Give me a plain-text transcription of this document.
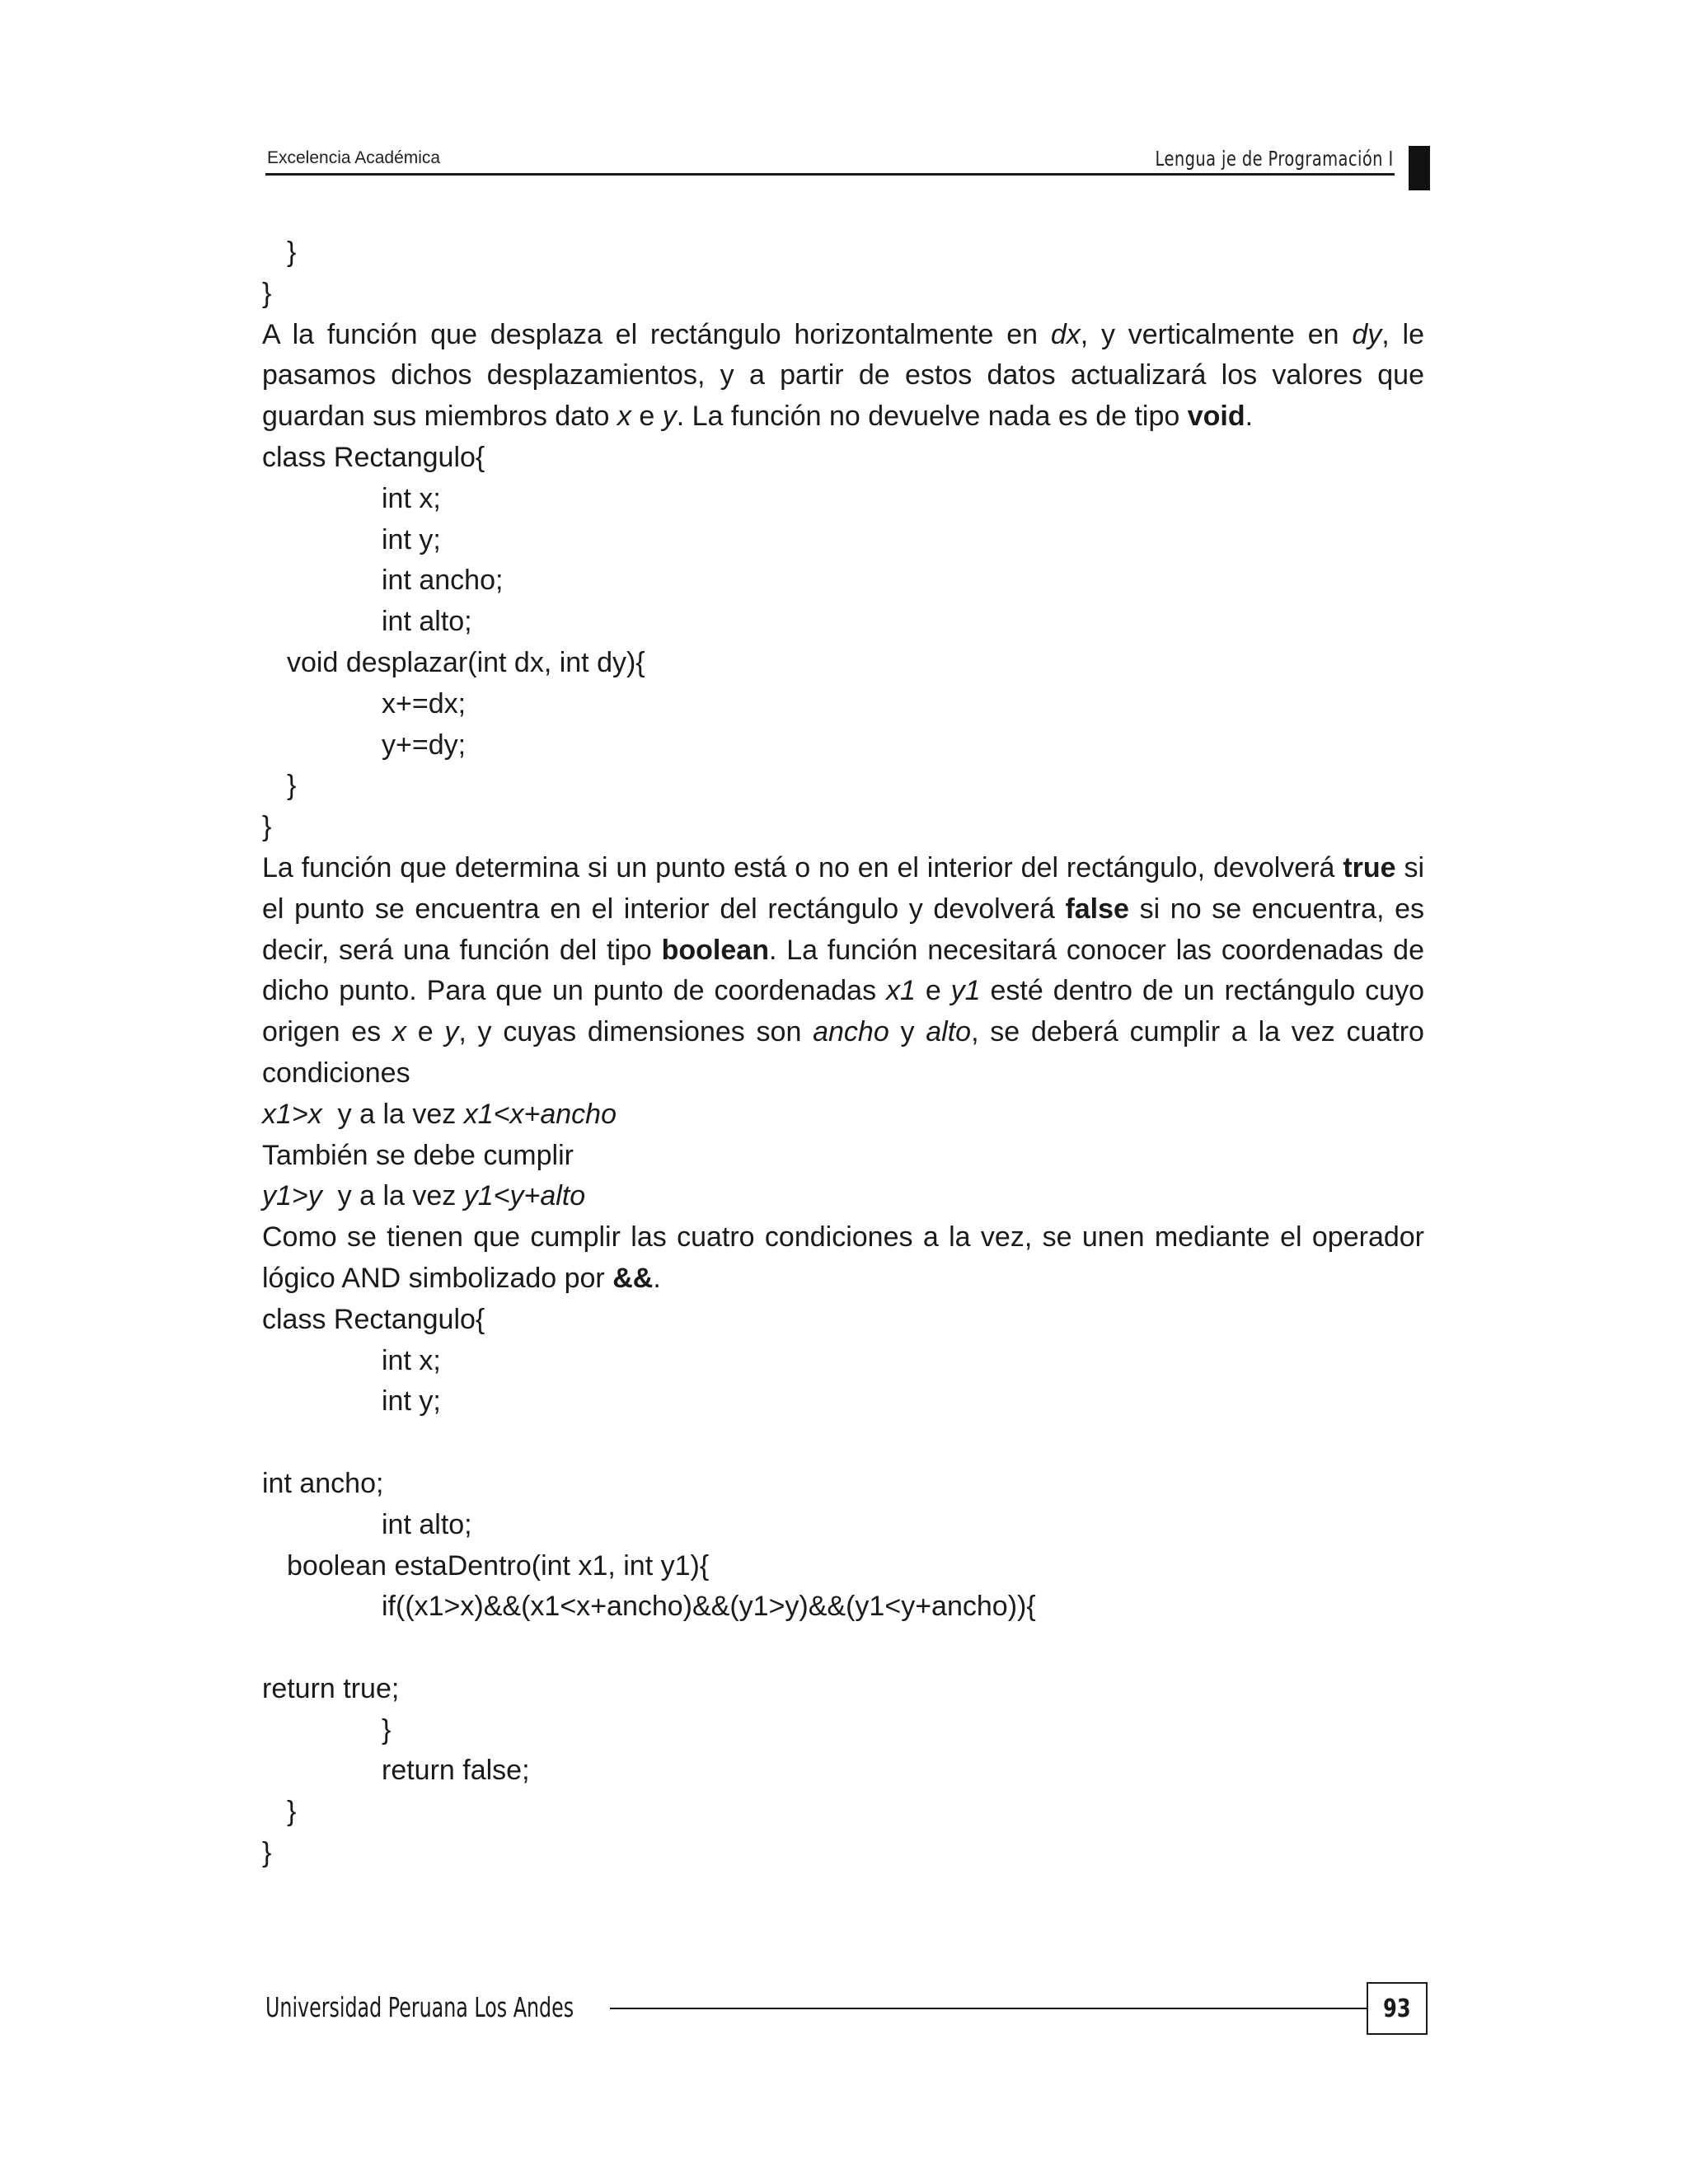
Excelencia Académica	Lengua je de Programación I
}
}
A la función que desplaza el rectángulo horizontalmente en dx, y verticalmente en dy, le pasamos dichos desplazamientos, y a partir de estos datos actualizará los valores que guardan sus miembros dato x e y. La función no devuelve nada es de tipo void.
class Rectangulo{
int x;
int y;
int ancho;
int alto;
void desplazar(int dx, int dy){
x+=dx;
y+=dy;
}
}
La función que determina si un punto está o no en el interior del rectángulo, devolverá true si el punto se encuentra en el interior del rectángulo y devolverá false si no se encuentra, es decir, será una función del tipo boolean. La función necesitará conocer las coordenadas de dicho punto. Para que un punto de coordenadas x1 e y1 esté dentro de un rectángulo cuyo origen es x e y, y cuyas dimensiones son ancho y alto, se deberá cumplir a la vez cuatro condiciones
x1>x  y a la vez x1<x+ancho
También se debe cumplir
y1>y  y a la vez y1<y+alto
Como se tienen que cumplir las cuatro condiciones a la vez, se unen mediante el operador lógico AND simbolizado por &&.
class Rectangulo{
int x;
int y;
int ancho;
int alto;
boolean estaDentro(int x1, int y1){
if((x1>x)&&(x1<x+ancho)&&(y1>y)&&(y1<y+ancho)){
return true;
}
return false;
}
}
Universidad Peruana Los Andes	93
